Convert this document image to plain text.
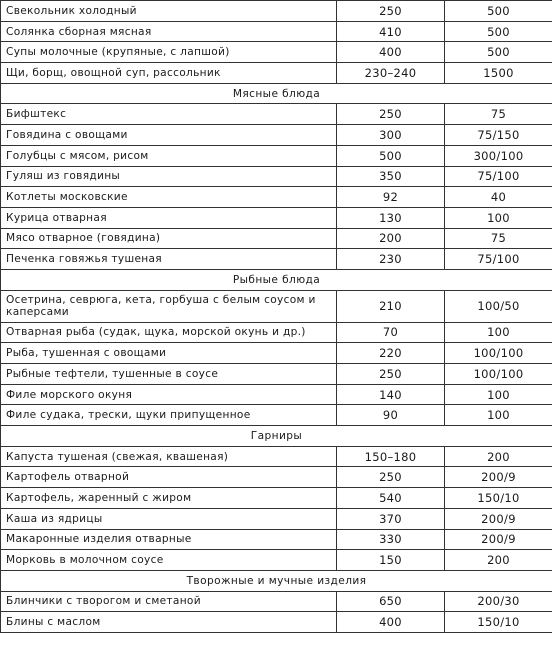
Свекольник холодный	250	500
Солянка сборная мясная	410	500
Супы молочные (крупяные, с лапшой)	400	500
Щи, борщ, овощной суп, рассольник	230–240	1500
Мясные блюда		
Бифштекс	250	75
Говядина с овощами	300	75/150
Голубцы с мясом, рисом	500	300/100
Гуляш из говядины	350	75/100
Котлеты московские	92	40
Курица отварная	130	100
Мясо отварное (говядина)	200	75
Печенка говяжья тушеная	230	75/100
Рыбные блюда		
Осетрина, севрюга, кета, горбуша с белым соусом и каперсами	210	100/50
Отварная рыба (судак, щука, морской окунь и др.)	70	100
Рыба, тушенная с овощами	220	100/100
Рыбные тефтели, тушенные в соусе	250	100/100
Филе морского окуня	140	100
Филе судака, трески, щуки припущенное	90	100
Гарниры		
Капуста тушеная (свежая, квашеная)	150–180	200
Картофель отварной	250	200/9
Картофель, жаренный с жиром	540	150/10
Каша из ядрицы	370	200/9
Макаронные изделия отварные	330	200/9
Морковь в молочном соусе	150	200
Творожные и мучные изделия		
Блинчики с творогом и сметаной	650	200/30
Блины с маслом	400	150/10
